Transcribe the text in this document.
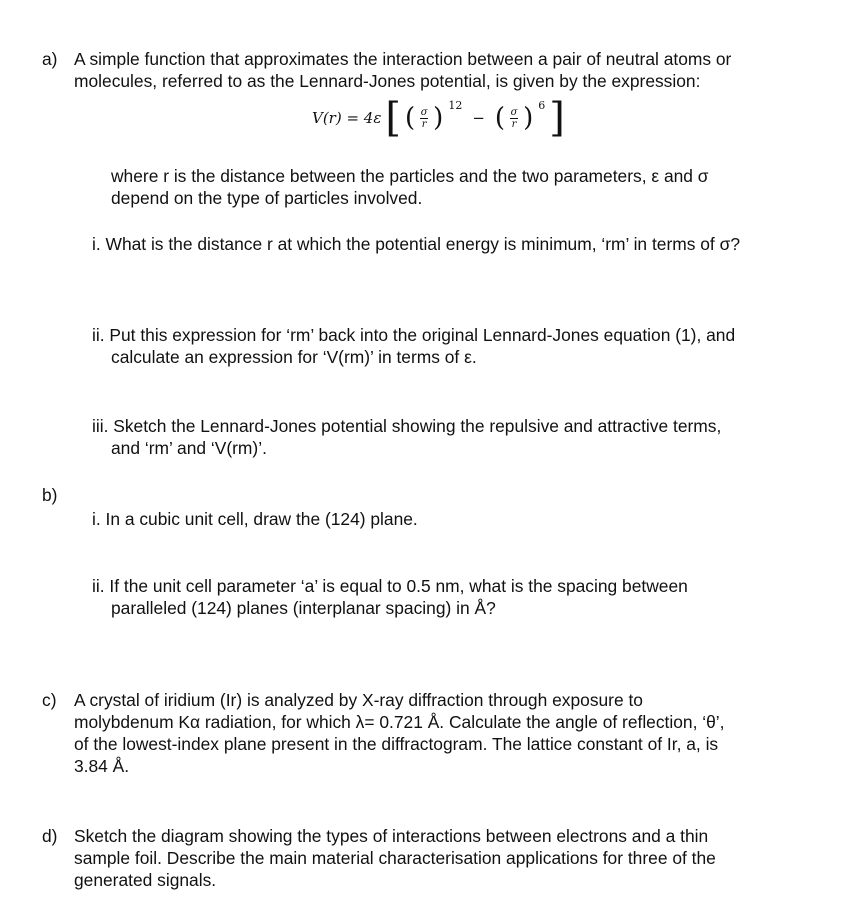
a) A simple function that approximates the interaction between a pair of neutral atoms or
molecules, referred to as the Lennard-Jones potential, is given by the expression:
V(r) = 4ε [ ( $\frac{\sigma}{r}$ ) 12
− ( $\frac{\sigma}{r}$ ) 6 ]
where r is the distance between the particles and the two parameters, ε and σ
depend on the type of particles involved.
i. What is the distance r at which the potential energy is minimum, ‘rm’ in terms of σ?
ii. Put this expression for ‘rm’ back into the original Lennard-Jones equation (1), and
calculate an expression for ‘V(rm)’ in terms of ε.
iii. Sketch the Lennard-Jones potential showing the repulsive and attractive terms,
and ‘rm’ and ‘V(rm)’.
b)
i. In a cubic unit cell, draw the (124) plane.
ii. If the unit cell parameter ‘a’ is equal to 0.5 nm, what is the spacing between
paralleled (124) planes (interplanar spacing) in Å?
c) A crystal of iridium (Ir) is analyzed by X-ray diffraction through exposure to
molybdenum Kα radiation, for which λ= 0.721 Å. Calculate the angle of reflection, ‘θ’,
of the lowest-index plane present in the diffractogram. The lattice constant of Ir, a, is
3.84 Å.
d) Sketch the diagram showing the types of interactions between electrons and a thin
sample foil. Describe the main material characterisation applications for three of the
generated signals.
